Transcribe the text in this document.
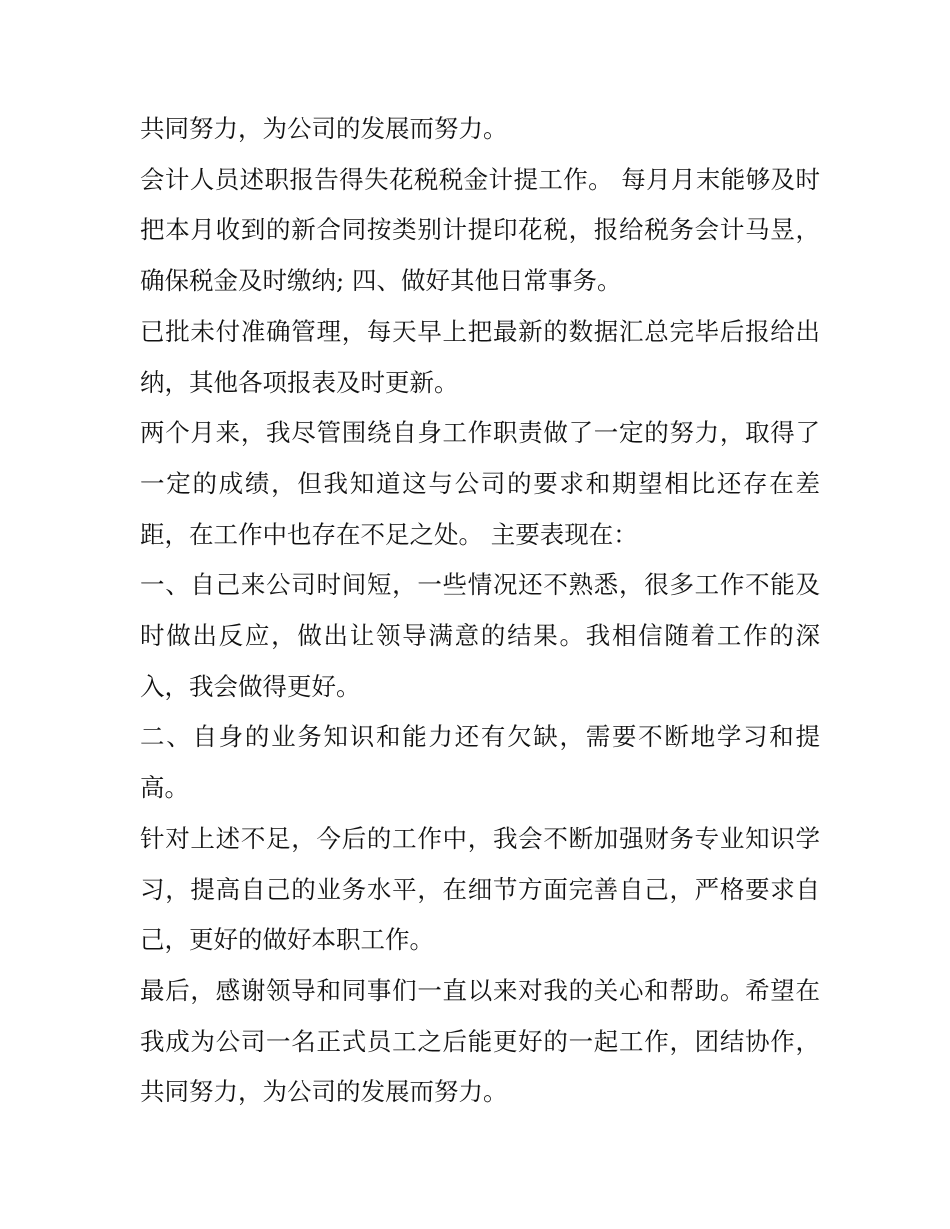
共同努力，为公司的发展而努力。

会计人员述职报告得失花税税金计提工作。 每月月末能够及时把本月收到的新合同按类别计提印花税，报给税务会计马昱，确保税金及时缴纳; 四、做好其他日常事务。

已批未付准确管理，每天早上把最新的数据汇总完毕后报给出纳，其他各项报表及时更新。

两个月来，我尽管围绕自身工作职责做了一定的努力，取得了一定的成绩，但我知道这与公司的要求和期望相比还存在差距，在工作中也存在不足之处。 主要表现在：

一、自己来公司时间短，一些情况还不熟悉，很多工作不能及时做出反应，做出让领导满意的结果。我相信随着工作的深入，我会做得更好。

二、自身的业务知识和能力还有欠缺，需要不断地学习和提高。

针对上述不足，今后的工作中，我会不断加强财务专业知识学习，提高自己的业务水平，在细节方面完善自己，严格要求自己，更好的做好本职工作。

最后，感谢领导和同事们一直以来对我的关心和帮助。希望在我成为公司一名正式员工之后能更好的一起工作，团结协作，共同努力，为公司的发展而努力。
